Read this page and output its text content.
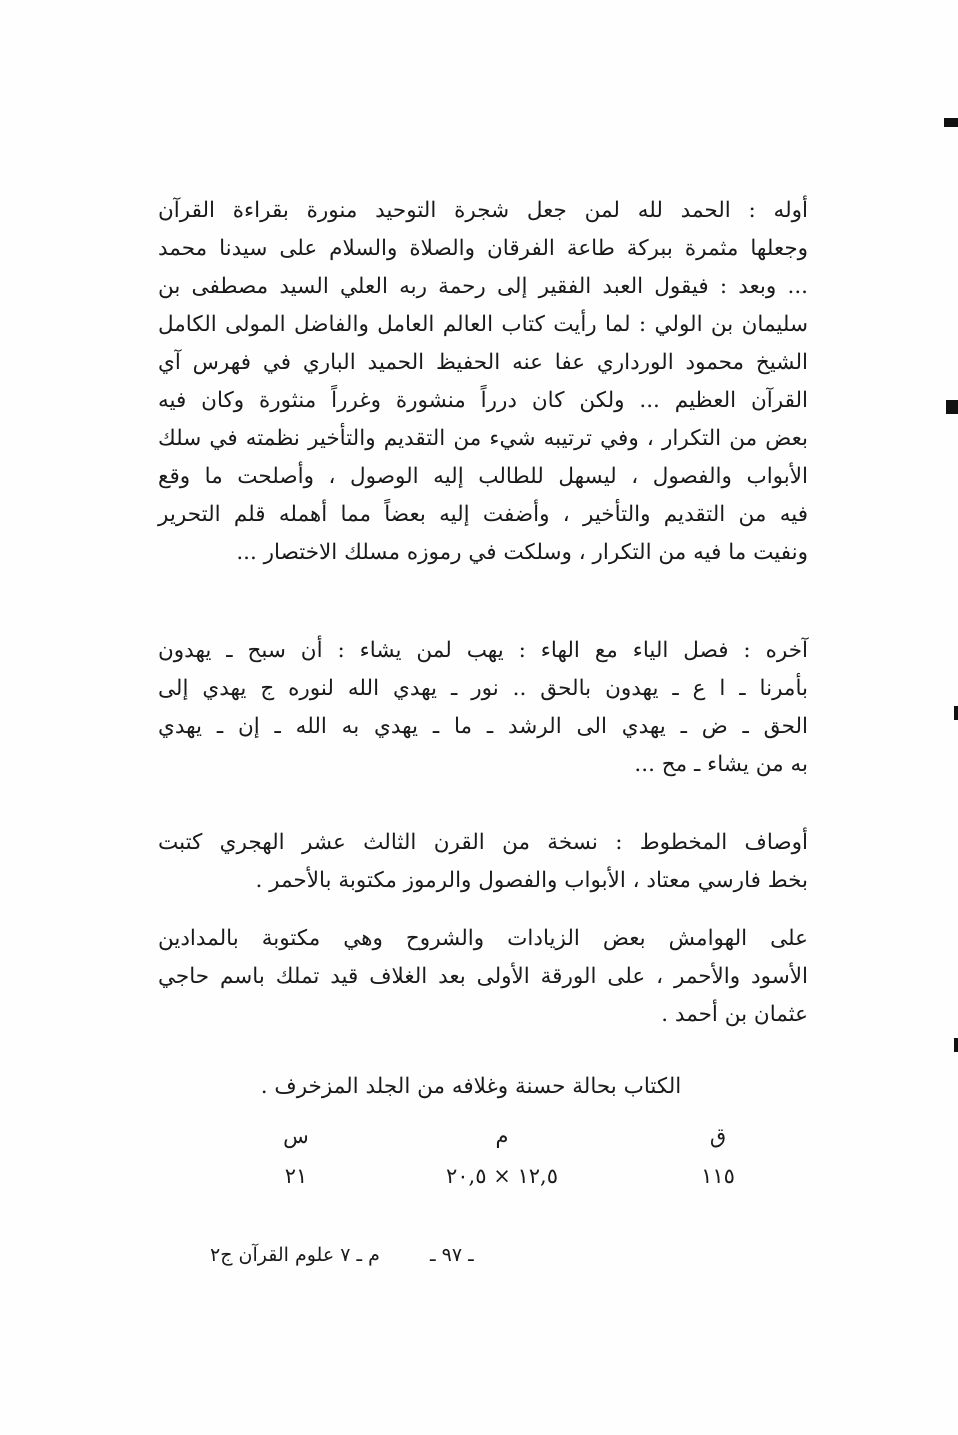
أوله : الحمد لله لمن جعل شجرة التوحيد منورة بقراءة القرآن
وجعلها مثمرة ببركة طاعة الفرقان والصلاة والسلام على سيدنا محمد
... وبعد : فيقول العبد الفقير إلى رحمة ربه العلي السيد مصطفى بن
سليمان بن الولي : لما رأيت كتاب العالم العامل والفاضل المولى الكامل
الشيخ محمود الورداري عفا عنه الحفيظ الحميد الباري في فهرس آي
القرآن العظيم ... ولكن كان درراً منشورة وغرراً منثورة وكان فيه
بعض من التكرار ، وفي ترتيبه شيء من التقديم والتأخير نظمته في سلك
الأبواب والفصول ، ليسهل للطالب إليه الوصول ، وأصلحت ما وقع
فيه من التقديم والتأخير ، وأضفت إليه بعضاً مما أهمله قلم التحرير
ونفيت ما فيه من التكرار ، وسلكت في رموزه مسلك الاختصار ...
آخره : فصل الياء مع الهاء : يهب لمن يشاء : أن سبح ـ يهدون
بأمرنا ـ ا ع ـ يهدون بالحق .. نور ـ يهدي الله لنوره ج يهدي إلى
الحق ـ ض ـ يهدي الى الرشد ـ ما ـ يهدي به الله ـ إن ـ يهدي
به من يشاء ـ مح ...
أوصاف المخطوط : نسخة من القرن الثالث عشر الهجري كتبت
بخط فارسي معتاد ، الأبواب والفصول والرموز مكتوبة بالأحمر .
على الهوامش بعض الزيادات والشروح وهي مكتوبة بالمدادين
الأسود والأحمر ، على الورقة الأولى بعد الغلاف قيد تملك باسم حاجي
عثمان بن أحمد .
الكتاب بحالة حسنة وغلافه من الجلد المزخرف .
ق
م
س
١١٥
١٢,٥ × ٢٠,٥
٢١
ـ ٩٧ ـ
م ـ ٧ علوم القرآن ج٢
